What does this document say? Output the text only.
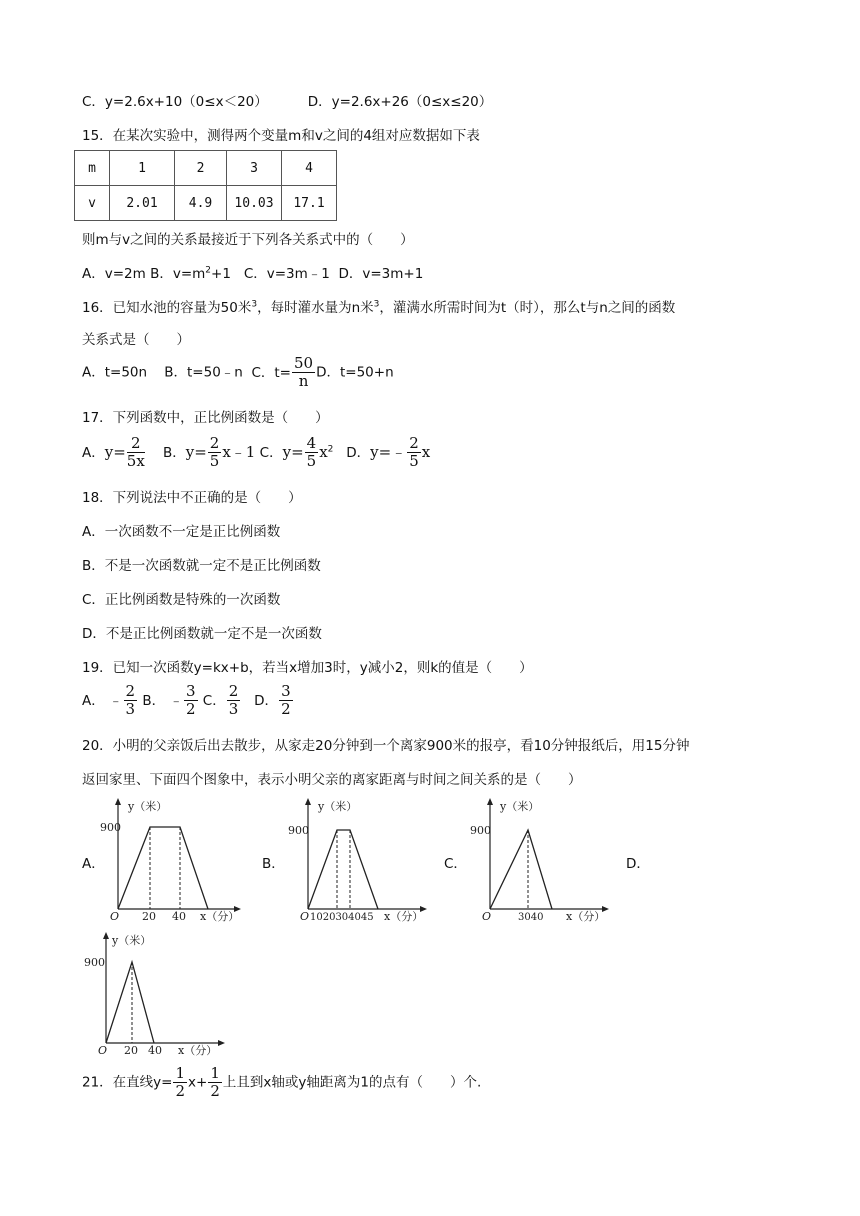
C．y=2.6x+10（0≤x＜20）	D．y=2.6x+26（0≤x≤20）
15．在某次实验中，测得两个变量m和v之间的4组对应数据如下表
m	1	2	3	4
v	2.01	4.9	10.03	17.1
则m与v之间的关系最接近于下列各关系式中的（　　）
A．v=2m B．$v=m^2+1$ C．v=3m﹣1 D．v=3m+1
16．已知水池的容量为50米$^3$，每时灌水量为n米$^3$，灌满水所需时间为t（时），那么t与n之间的函数
关系式是（　　）
A．t=50n B．t=50﹣n C．$t= \frac{50}{n}$ D．t=50+n
17．下列函数中，正比例函数是（　　）
A．$y= \frac{2}{5x}$ B．$y= \frac{2}{5}$ x﹣1 C．$y= \frac{4}{5} x^2$ D．y=﹣ $\frac{2}{5}$ x
18．下列说法中不正确的是（　　）
A．一次函数不一定是正比例函数
B．不是一次函数就一定不是正比例函数
C．正比例函数是特殊的一次函数
D．不是正比例函数就一定不是一次函数
19．已知一次函数y=kx+b，若当x增加3时，y减小2，则k的值是（　　）
A． ﹣ $\frac{2}{3}$ B． ﹣ $\frac{3}{2}$ C． $\frac{2}{3}$ D． $\frac{3}{2}$
20．小明的父亲饭后出去散步，从家走20分钟到一个离家900米的报亭，看10分钟报纸后，用15分钟
返回家里、下面四个图象中，表示小明父亲的离家距离与时间之间关系的是（　　）
A．	B．	C．	D．
y（米）
900
O 20 40 x（分）
y（米）
900
O 1020304045 x（分）
y（米）
900
O	3040 x（分）
y（米）
900
O 20 40 x（分）
21．在直线$y= \frac{1}{2} x+ \frac{1}{2}$ 上且到x轴或y轴距离为1的点有（　　）个.
